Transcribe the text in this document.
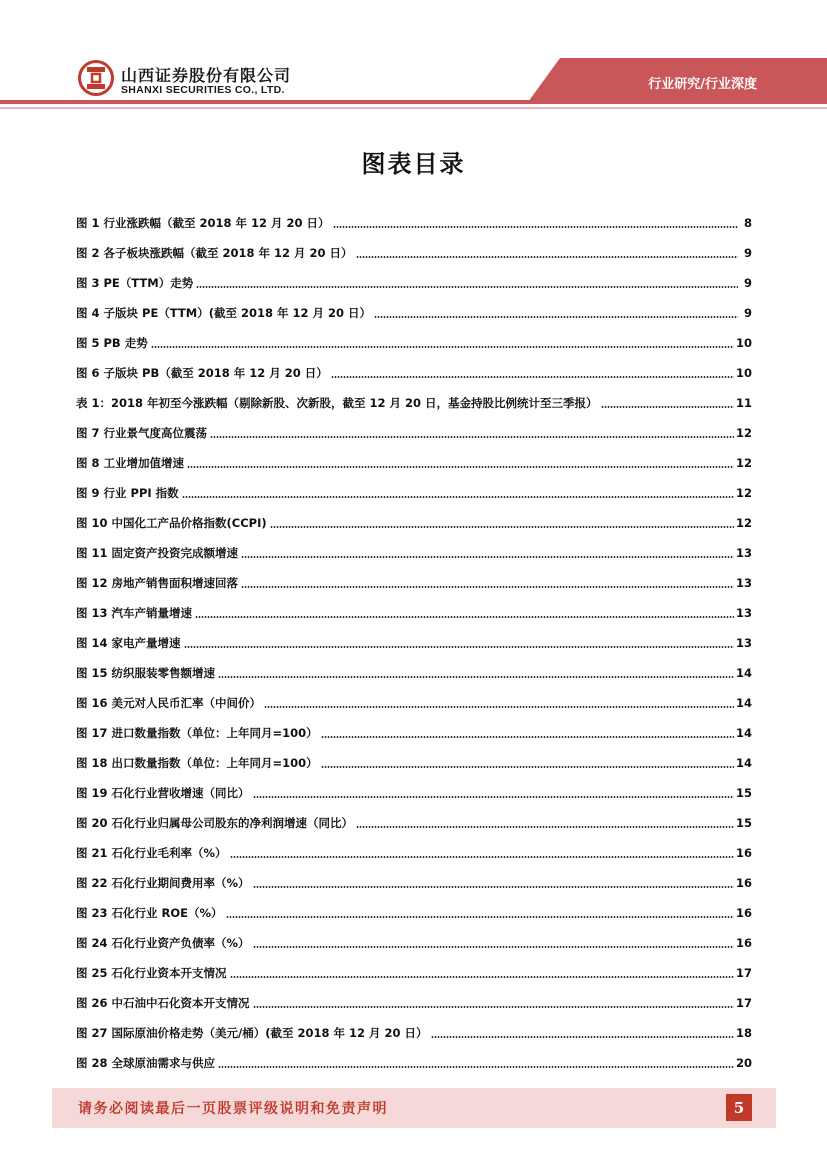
山西证券股份有限公司
SHANXI SECURITIES CO., LTD.	行业研究/行业深度
图表目录
图 1 行业涨跌幅（截至 2018 年 12 月 20 日）	8
图 2 各子板块涨跌幅（截至 2018 年 12 月 20 日）	9
图 3 PE（TTM）走势	9
图 4 子版块 PE（TTM）(截至 2018 年 12 月 20 日）	9
图 5 PB 走势	10
图 6 子版块 PB（截至 2018 年 12 月 20 日）	10
表 1：2018 年初至今涨跌幅（剔除新股、次新股，截至 12 月 20 日，基金持股比例统计至三季报）	11
图 7 行业景气度高位震荡	12
图 8 工业增加值增速	12
图 9 行业 PPI 指数	12
图 10 中国化工产品价格指数(CCPI)	12
图 11 固定资产投资完成额增速	13
图 12 房地产销售面积增速回落	13
图 13 汽车产销量增速	13
图 14 家电产量增速	13
图 15 纺织服装零售额增速	14
图 16 美元对人民币汇率（中间价）	14
图 17 进口数量指数（单位：上年同月=100）	14
图 18 出口数量指数（单位：上年同月=100）	14
图 19 石化行业营收增速（同比）	15
图 20 石化行业归属母公司股东的净利润增速（同比）	15
图 21 石化行业毛利率（%）	16
图 22 石化行业期间费用率（%）	16
图 23 石化行业 ROE（%）	16
图 24 石化行业资产负债率（%）	16
图 25 石化行业资本开支情况	17
图 26 中石油中石化资本开支情况	17
图 27 国际原油价格走势（美元/桶）(截至 2018 年 12 月 20 日）	18
图 28 全球原油需求与供应	20
请务必阅读最后一页股票评级说明和免责声明	5
